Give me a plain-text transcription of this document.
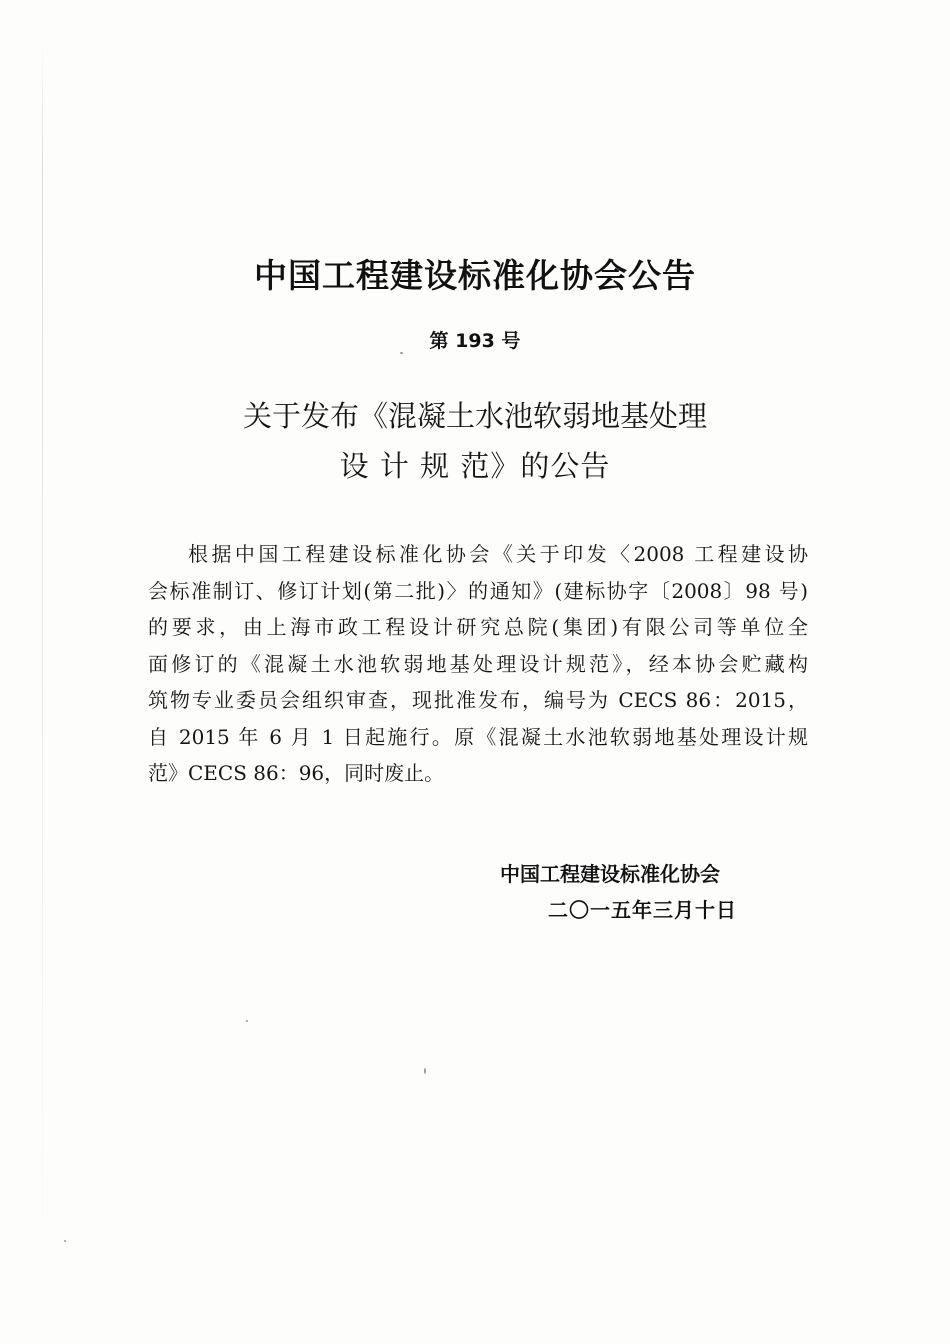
中国工程建设标准化协会公告
第 193 号
关于发布《混凝土水池软弱地基处理
设 计 规 范》的公告
根据中国工程建设标准化协会《关于印发〈2008 工程建设协
会标准制订、修订计划(第二批)〉的通知》(建标协字〔2008〕98 号)
的要求，由上海市政工程设计研究总院(集团)有限公司等单位全
面修订的《混凝土水池软弱地基处理设计规范》，经本协会贮藏构
筑物专业委员会组织审查，现批准发布，编号为 CECS 86：2015，
自 2015 年 6 月 1 日起施行。原《混凝土水池软弱地基处理设计规
范》CECS 86：96，同时废止。
中国工程建设标准化协会
二〇一五年三月十日
